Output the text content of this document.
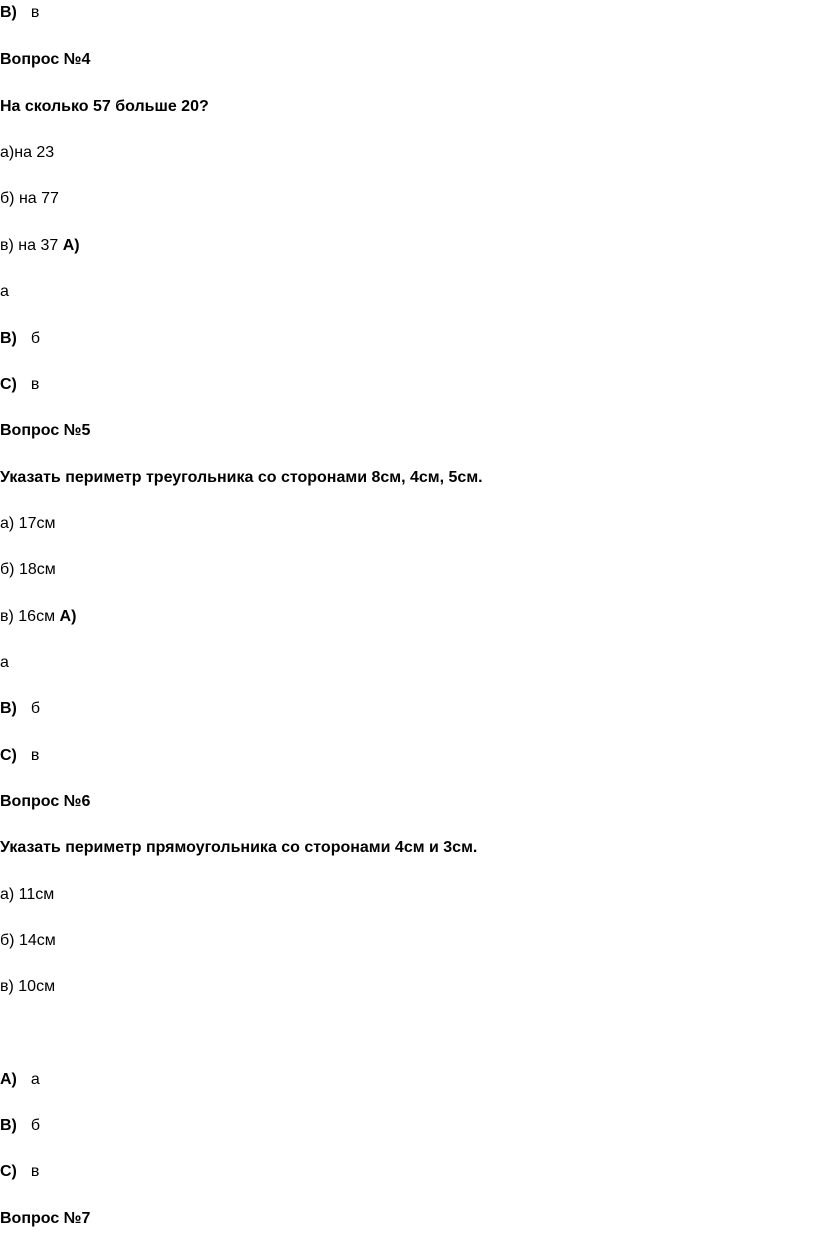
В) в
Вопрос №4
На сколько 57 больше 20?
а)на 23
б) на 77
в) на 37 А)
а
В) б
С) в
Вопрос №5
Указать периметр треугольника со сторонами 8см, 4см, 5см.
а) 17см
б) 18см
в) 16см А)
а
В) б
С) в
Вопрос №6
Указать периметр прямоугольника со сторонами 4см и 3см.
а) 11см
б) 14см
в) 10см
А) а
В) б
С) в
Вопрос №7
